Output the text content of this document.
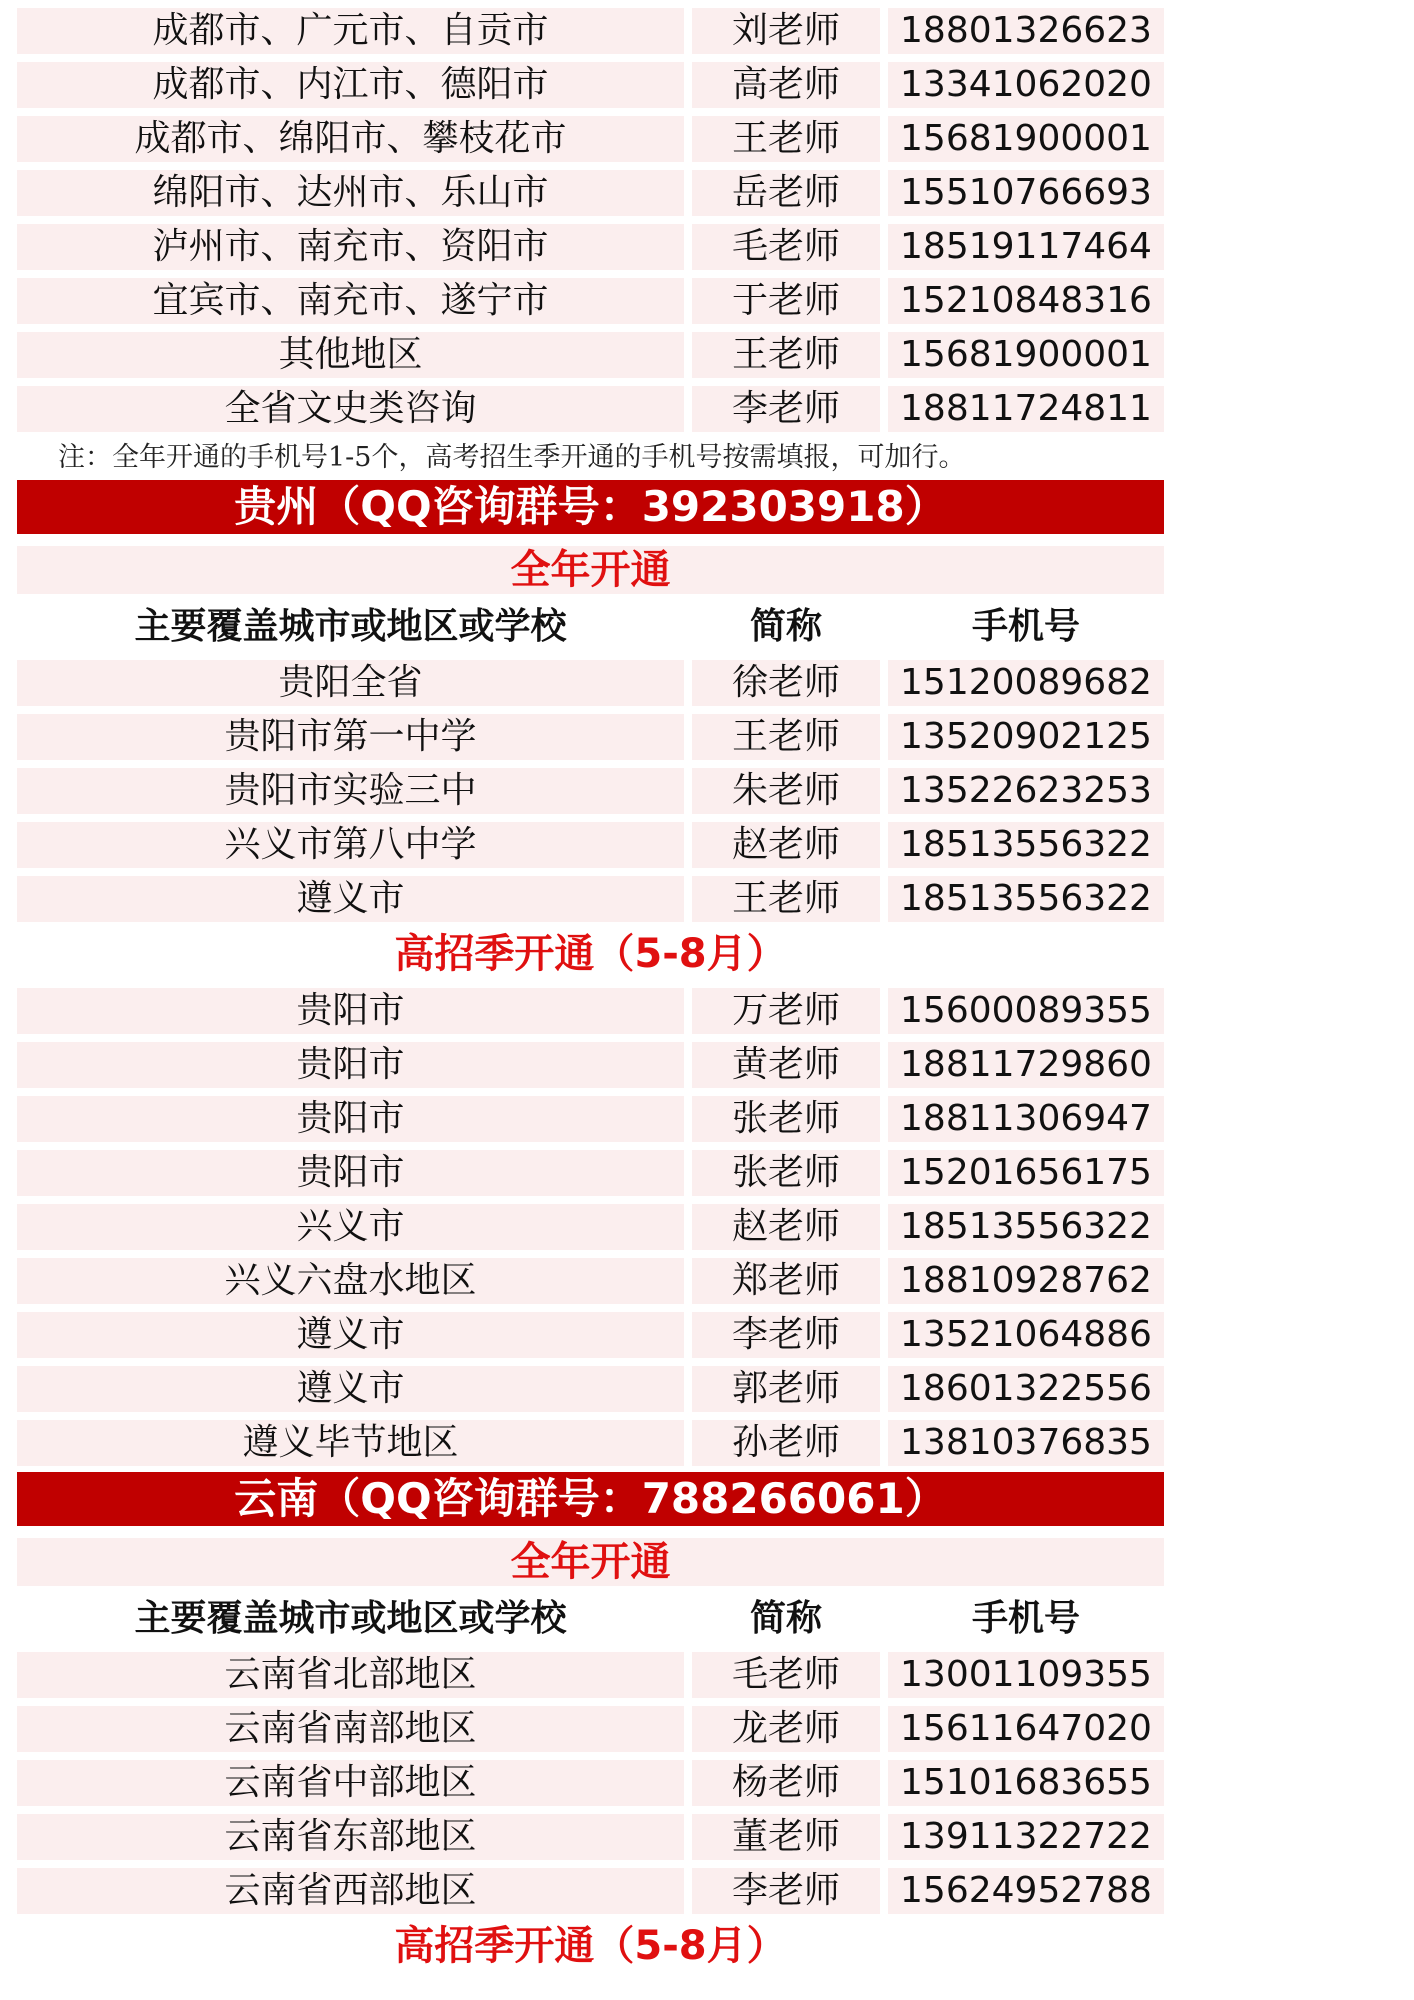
成都市、广元市、自贡市	刘老师	18801326623
成都市、内江市、德阳市	高老师	13341062020
成都市、绵阳市、攀枝花市	王老师	15681900001
绵阳市、达州市、乐山市	岳老师	15510766693
泸州市、南充市、资阳市	毛老师	18519117464
宜宾市、南充市、遂宁市	于老师	15210848316
其他地区	王老师	15681900001
全省文史类咨询	李老师	18811724811
注：全年开通的手机号1-5个，高考招生季开通的手机号按需填报，可加行。
贵州（QQ咨询群号：392303918）
全年开通
主要覆盖城市或地区或学校	简称	手机号
贵阳全省	徐老师	15120089682
贵阳市第一中学	王老师	13520902125
贵阳市实验三中	朱老师	13522623253
兴义市第八中学	赵老师	18513556322
遵义市	王老师	18513556322
高招季开通（5-8月）
贵阳市	万老师	15600089355
贵阳市	黄老师	18811729860
贵阳市	张老师	18811306947
贵阳市	张老师	15201656175
兴义市	赵老师	18513556322
兴义六盘水地区	郑老师	18810928762
遵义市	李老师	13521064886
遵义市	郭老师	18601322556
遵义毕节地区	孙老师	13810376835
云南（QQ咨询群号：788266061）
全年开通
主要覆盖城市或地区或学校	简称	手机号
云南省北部地区	毛老师	13001109355
云南省南部地区	龙老师	15611647020
云南省中部地区	杨老师	15101683655
云南省东部地区	董老师	13911322722
云南省西部地区	李老师	15624952788
高招季开通（5-8月）
